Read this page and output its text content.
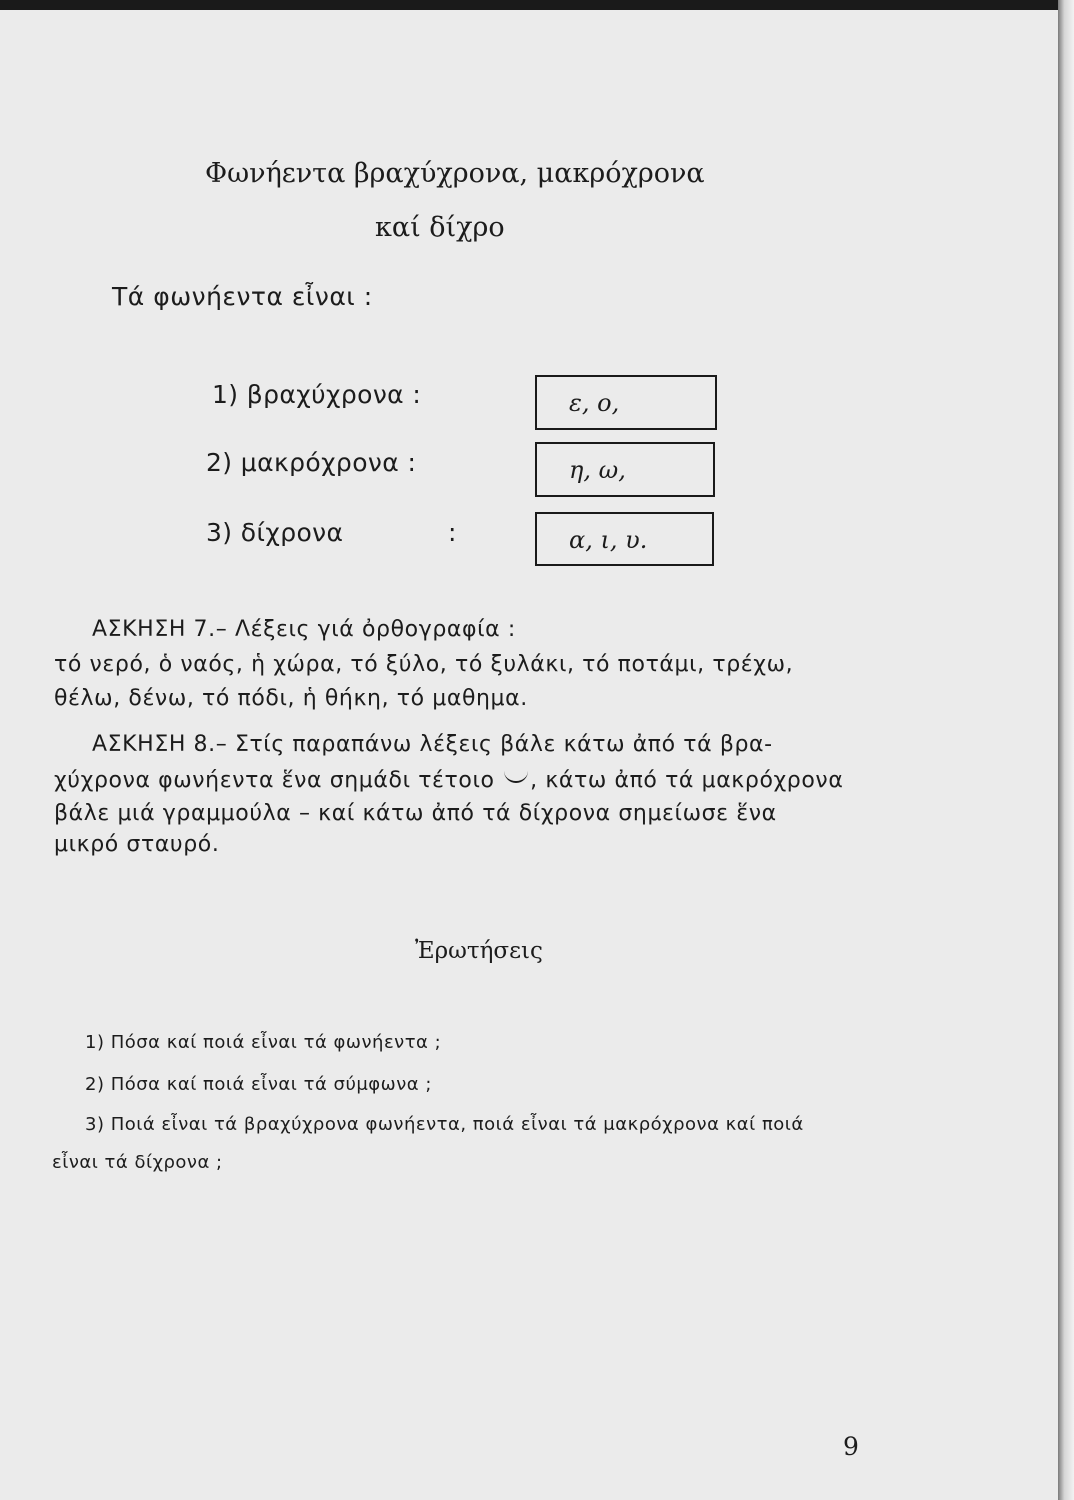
Φωνήεντα βραχύχρονα, μακρόχρονα
καί δίχρο
Τά φωνήεντα εἶναι :
1) βραχύχρονα :	ε, ο,
2) μακρόχρονα :	η, ω,
3) δίχρονα	:	α, ι, υ.
ΑΣΚΗΣΗ 7.– Λέξεις γιά ὀρθογραφία :
τό νερό, ὁ ναός, ἡ χώρα, τό ξύλο, τό ξυλάκι, τό ποτάμι, τρέχω,
θέλω, δένω, τό πόδι, ἡ θήκη, τό μαθημα.
ΑΣΚΗΣΗ 8.– Στίς παραπάνω λέξεις βάλε κάτω ἀπό τά βρα-
χύχρονα φωνήεντα ἕνα σημάδι τέτοιο , κάτω ἀπό τά μακρόχρονα
βάλε μιά γραμμούλα – καί κάτω ἀπό τά δίχρονα σημείωσε ἕνα
μικρό σταυρό.
Ἐρωτήσεις
1) Πόσα καί ποιά εἶναι τά φωνήεντα ;
2) Πόσα καί ποιά εἶναι τά σύμφωνα ;
3) Ποιά εἶναι τά βραχύχρονα φωνήεντα, ποιά εἶναι τά μακρόχρονα καί ποιά
εἶναι τά δίχρονα ;
9
